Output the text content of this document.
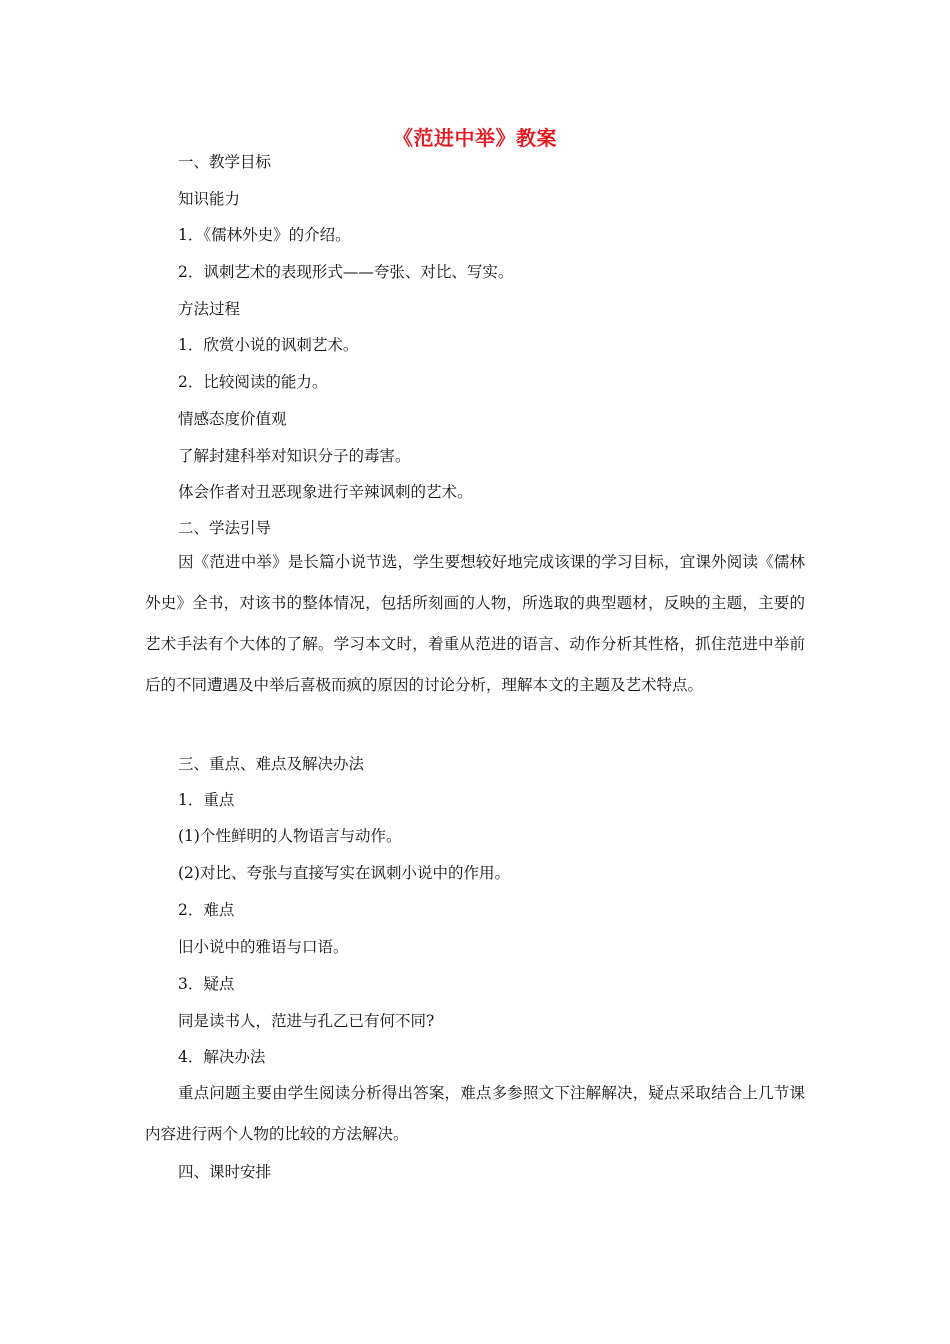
《范进中举》教案
一、教学目标
知识能力
1．《儒林外史》的介绍。
2．讽刺艺术的表现形式——夸张、对比、写实。
方法过程
1．欣赏小说的讽刺艺术。
2．比较阅读的能力。
情感态度价值观
了解封建科举对知识分子的毒害。
体会作者对丑恶现象进行辛辣讽刺的艺术。
二、学法引导
因《范进中举》是长篇小说节选，学生要想较好地完成该课的学习目标，宜课外阅读《儒林外史》全书，对该书的整体情况，包括所刻画的人物，所选取的典型题材，反映的主题，主要的艺术手法有个大体的了解。学习本文时，着重从范进的语言、动作分析其性格，抓住范进中举前后的不同遭遇及中举后喜极而疯的原因的讨论分析，理解本文的主题及艺术特点。
三、重点、难点及解决办法
1．重点
(1)个性鲜明的人物语言与动作。
(2)对比、夸张与直接写实在讽刺小说中的作用。
2．难点
旧小说中的雅语与口语。
3．疑点
同是读书人，范进与孔乙已有何不同?
4．解决办法
重点问题主要由学生阅读分析得出答案，难点多参照文下注解解决，疑点采取结合上几节课内容进行两个人物的比较的方法解决。
四、课时安排
